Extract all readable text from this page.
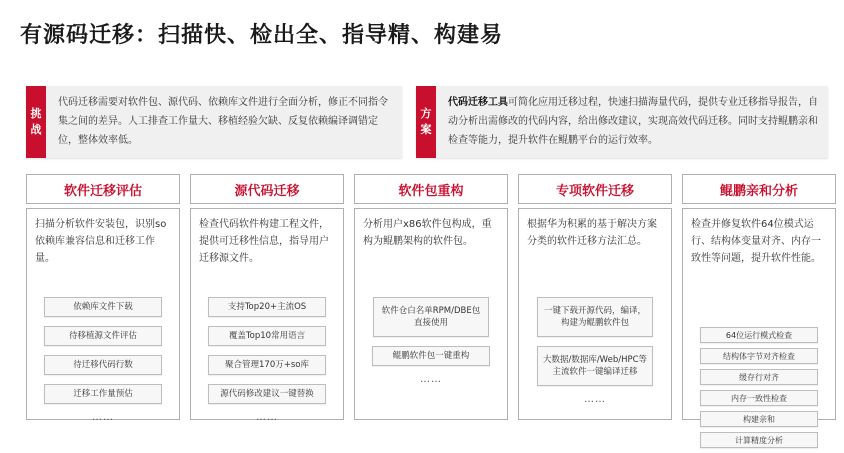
有源码迁移：扫描快、检出全、指导精、构建易
挑战
代码迁移需要对软件包、源代码、依赖库文件进行全面分析，修正不同指令集之间的差异。人工排查工作量大、移植经验欠缺、反复依赖编译调错定位，整体效率低。
方案
代码迁移工具可简化应用迁移过程，快速扫描海量代码，提供专业迁移指导报告，自动分析出需修改的代码内容，给出修改建议，实现高效代码迁移。同时支持鲲鹏亲和检查等能力，提升软件在鲲鹏平台的运行效率。
软件迁移评估
扫描分析软件安装包，识别so依赖库兼容信息和迁移工作量。
依赖库文件下载
待移植源文件评估
待迁移代码行数
迁移工作量预估
……
源代码迁移
检查代码软件构建工程文件，提供可迁移性信息，指导用户迁移源文件。
支持Top20+主流OS
覆盖Top10常用语言
聚合管理170万+so库
源代码修改建议一键替换
……
软件包重构
分析用户x86软件包构成，重构为鲲鹏架构的软件包。
软件仓白名单RPM/DBE包直接使用
鲲鹏软件包一键重构
……
专项软件迁移
根据华为积累的基于解决方案分类的软件迁移方法汇总。
一键下载开源代码，编译，构建为鲲鹏软件包
大数据/数据库/Web/HPC等主流软件一键编译迁移
……
鲲鹏亲和分析
检查并修复软件64位模式运行、结构体变量对齐、内存一致性等问题，提升软件性能。
64位运行模式检查
结构体字节对齐检查
缓存行对齐
内存一致性检查
构建亲和
计算精度分析
